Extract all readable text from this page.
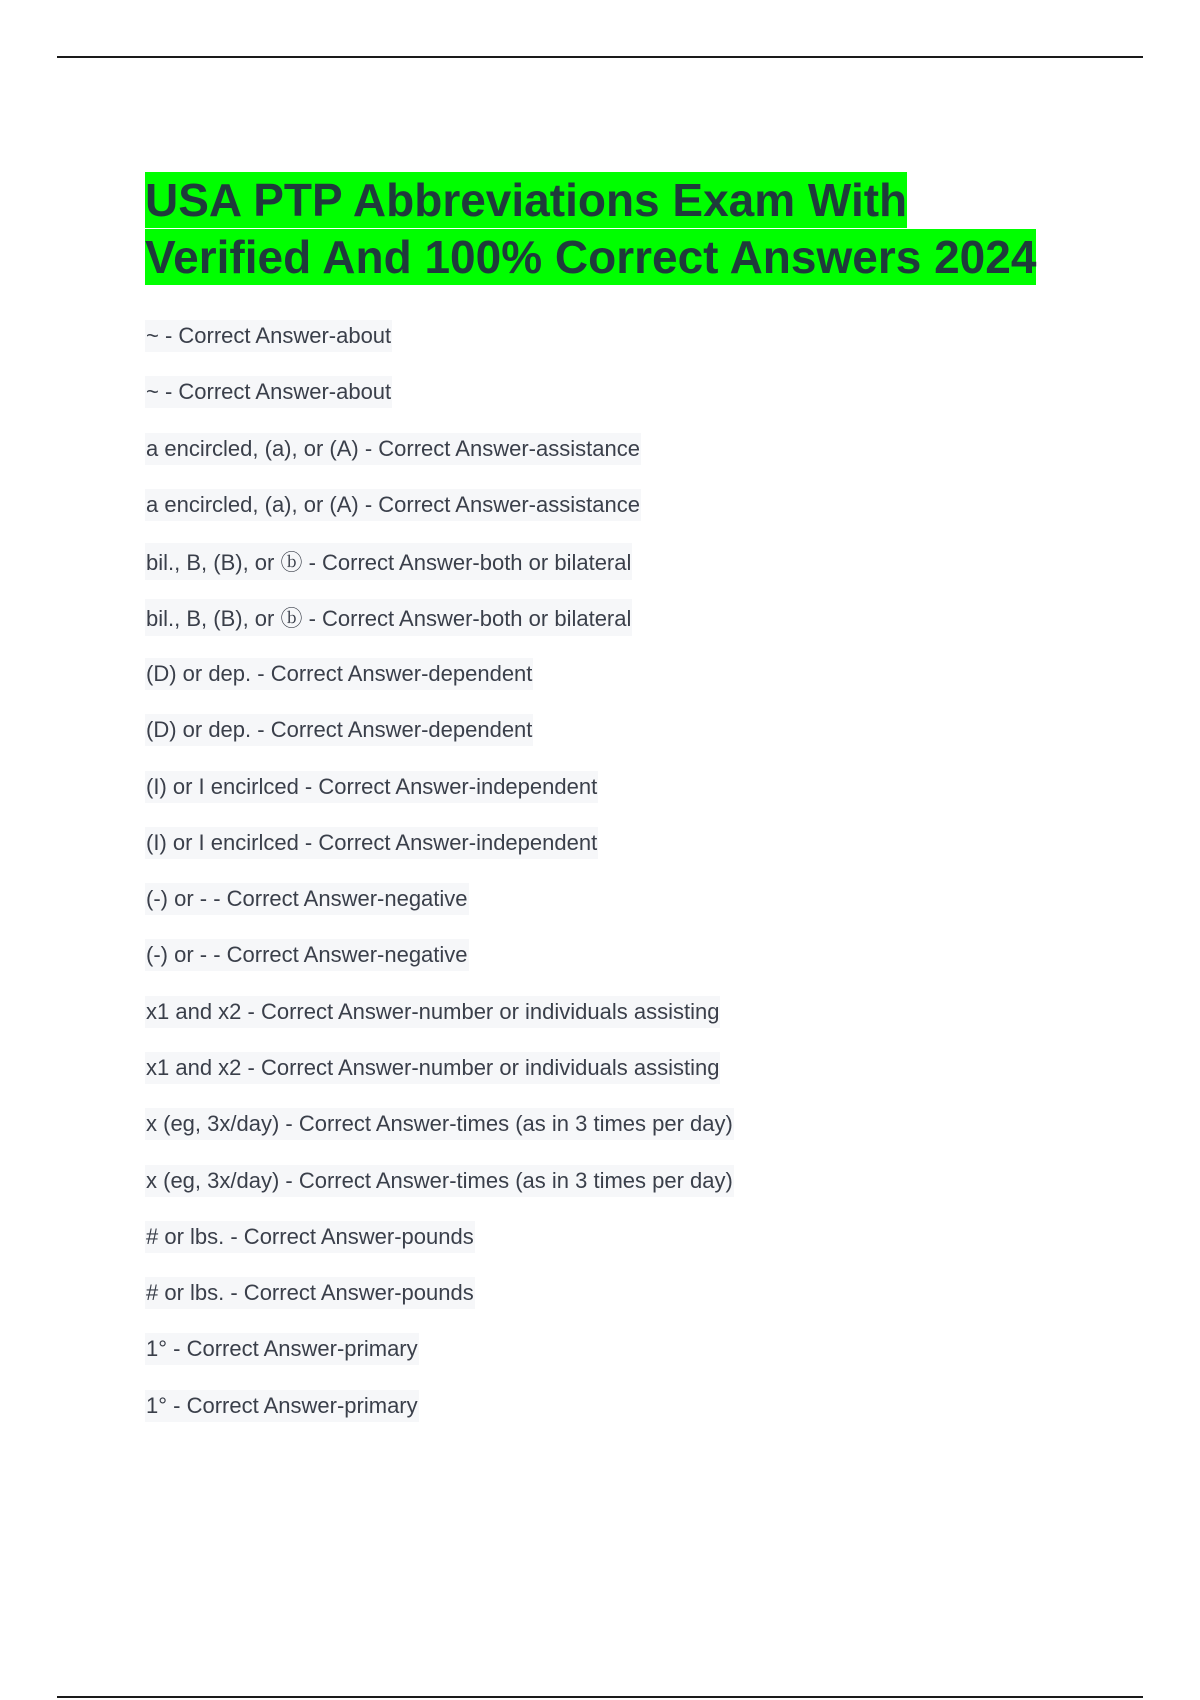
USA PTP Abbreviations Exam With
Verified And 100% Correct Answers 2024
~ - Correct Answer-about
~ - Correct Answer-about
a encircled, (a), or (A) - Correct Answer-assistance
a encircled, (a), or (A) - Correct Answer-assistance
bil., B, (B), or ⓑ - Correct Answer-both or bilateral
bil., B, (B), or ⓑ - Correct Answer-both or bilateral
(D) or dep. - Correct Answer-dependent
(D) or dep. - Correct Answer-dependent
(I) or I encirlced - Correct Answer-independent
(I) or I encirlced - Correct Answer-independent
(-) or - - Correct Answer-negative
(-) or - - Correct Answer-negative
x1 and x2 - Correct Answer-number or individuals assisting
x1 and x2 - Correct Answer-number or individuals assisting
x (eg, 3x/day) - Correct Answer-times (as in 3 times per day)
x (eg, 3x/day) - Correct Answer-times (as in 3 times per day)
# or lbs. - Correct Answer-pounds
# or lbs. - Correct Answer-pounds
1° - Correct Answer-primary
1° - Correct Answer-primary
